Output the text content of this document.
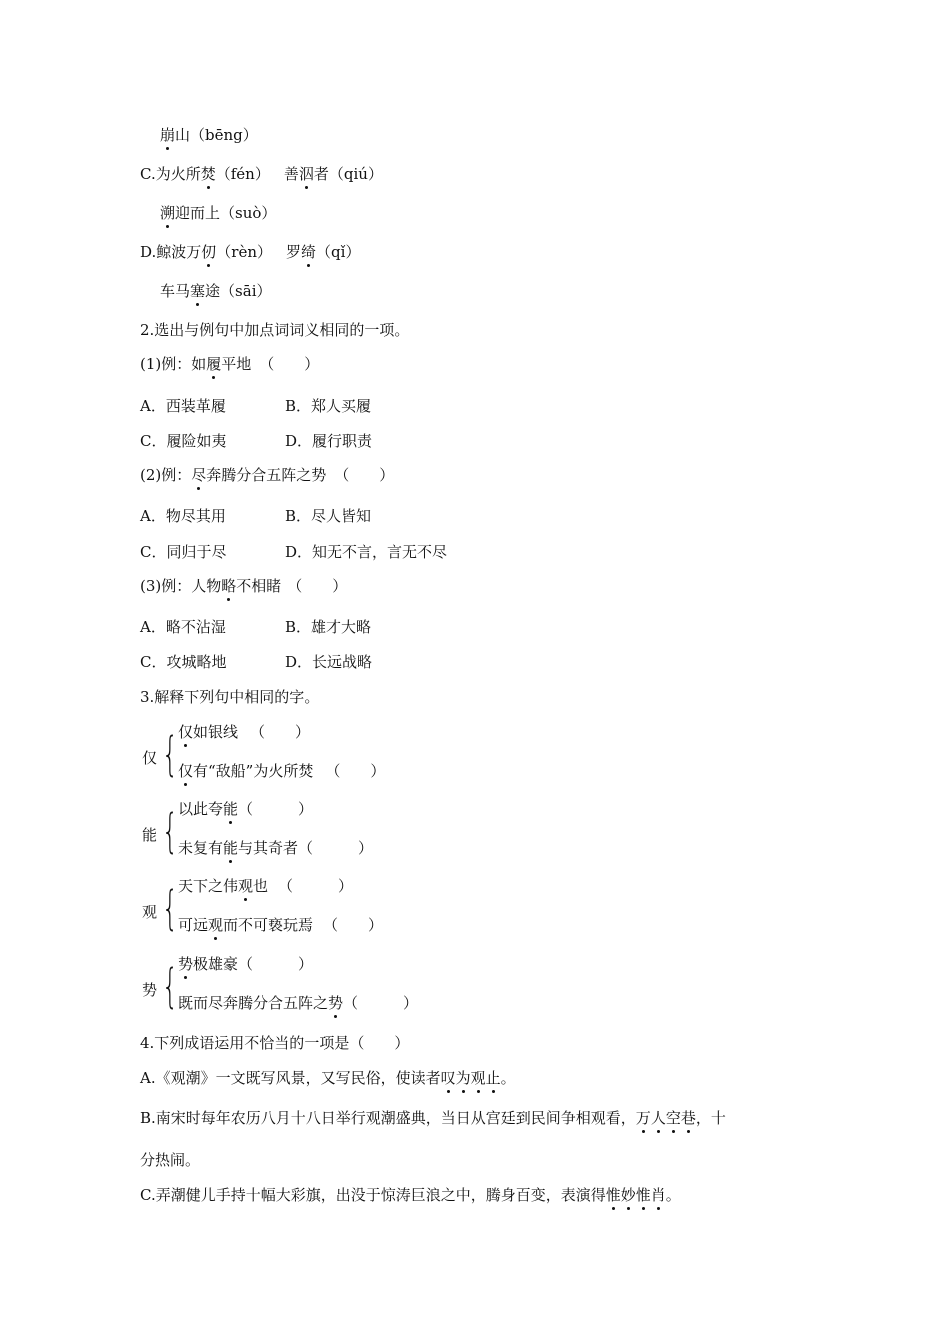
崩山（bēng）
C.为火所焚（fén） 善泅者（qiú）
溯迎而上（suò）
D.鲸波万仞（rèn） 罗绮（qǐ）
车马塞途（sāi）
2.选出与例句中加点词词义相同的一项。
(1)例：如履平地 （　　）
A．西装革履	B．郑人买履
C．履险如夷	D．履行职责
(2)例：尽奔腾分合五阵之势 （　　）
A．物尽其用	B．尽人皆知
C．同归于尽	D．知无不言，言无不尽
(3)例：人物略不相睹 （　　）
A．略不沾湿	B．雄才大略
C．攻城略地	D．长远战略
3.解释下列句中相同的字。
仅 { 仅如银线 （　　）
仅有“敌船”为火所焚 （　　）
能 { 以此夸能（　　　）
未复有能与其奇者（　　　）
观 { 天下之伟观也 （　　　）
可远观而不可亵玩焉 （　　）
势 { 势极雄豪（　　　）
既而尽奔腾分合五阵之势（　　　）
4.下列成语运用不恰当的一项是（　　）
A.《观潮》一文既写风景，又写民俗，使读者叹为观止。
B.南宋时每年农历八月十八日举行观潮盛典，当日从宫廷到民间争相观看，万人空巷，十
分热闹。
C.弄潮健儿手持十幅大彩旗，出没于惊涛巨浪之中，腾身百变，表演得惟妙惟肖。
